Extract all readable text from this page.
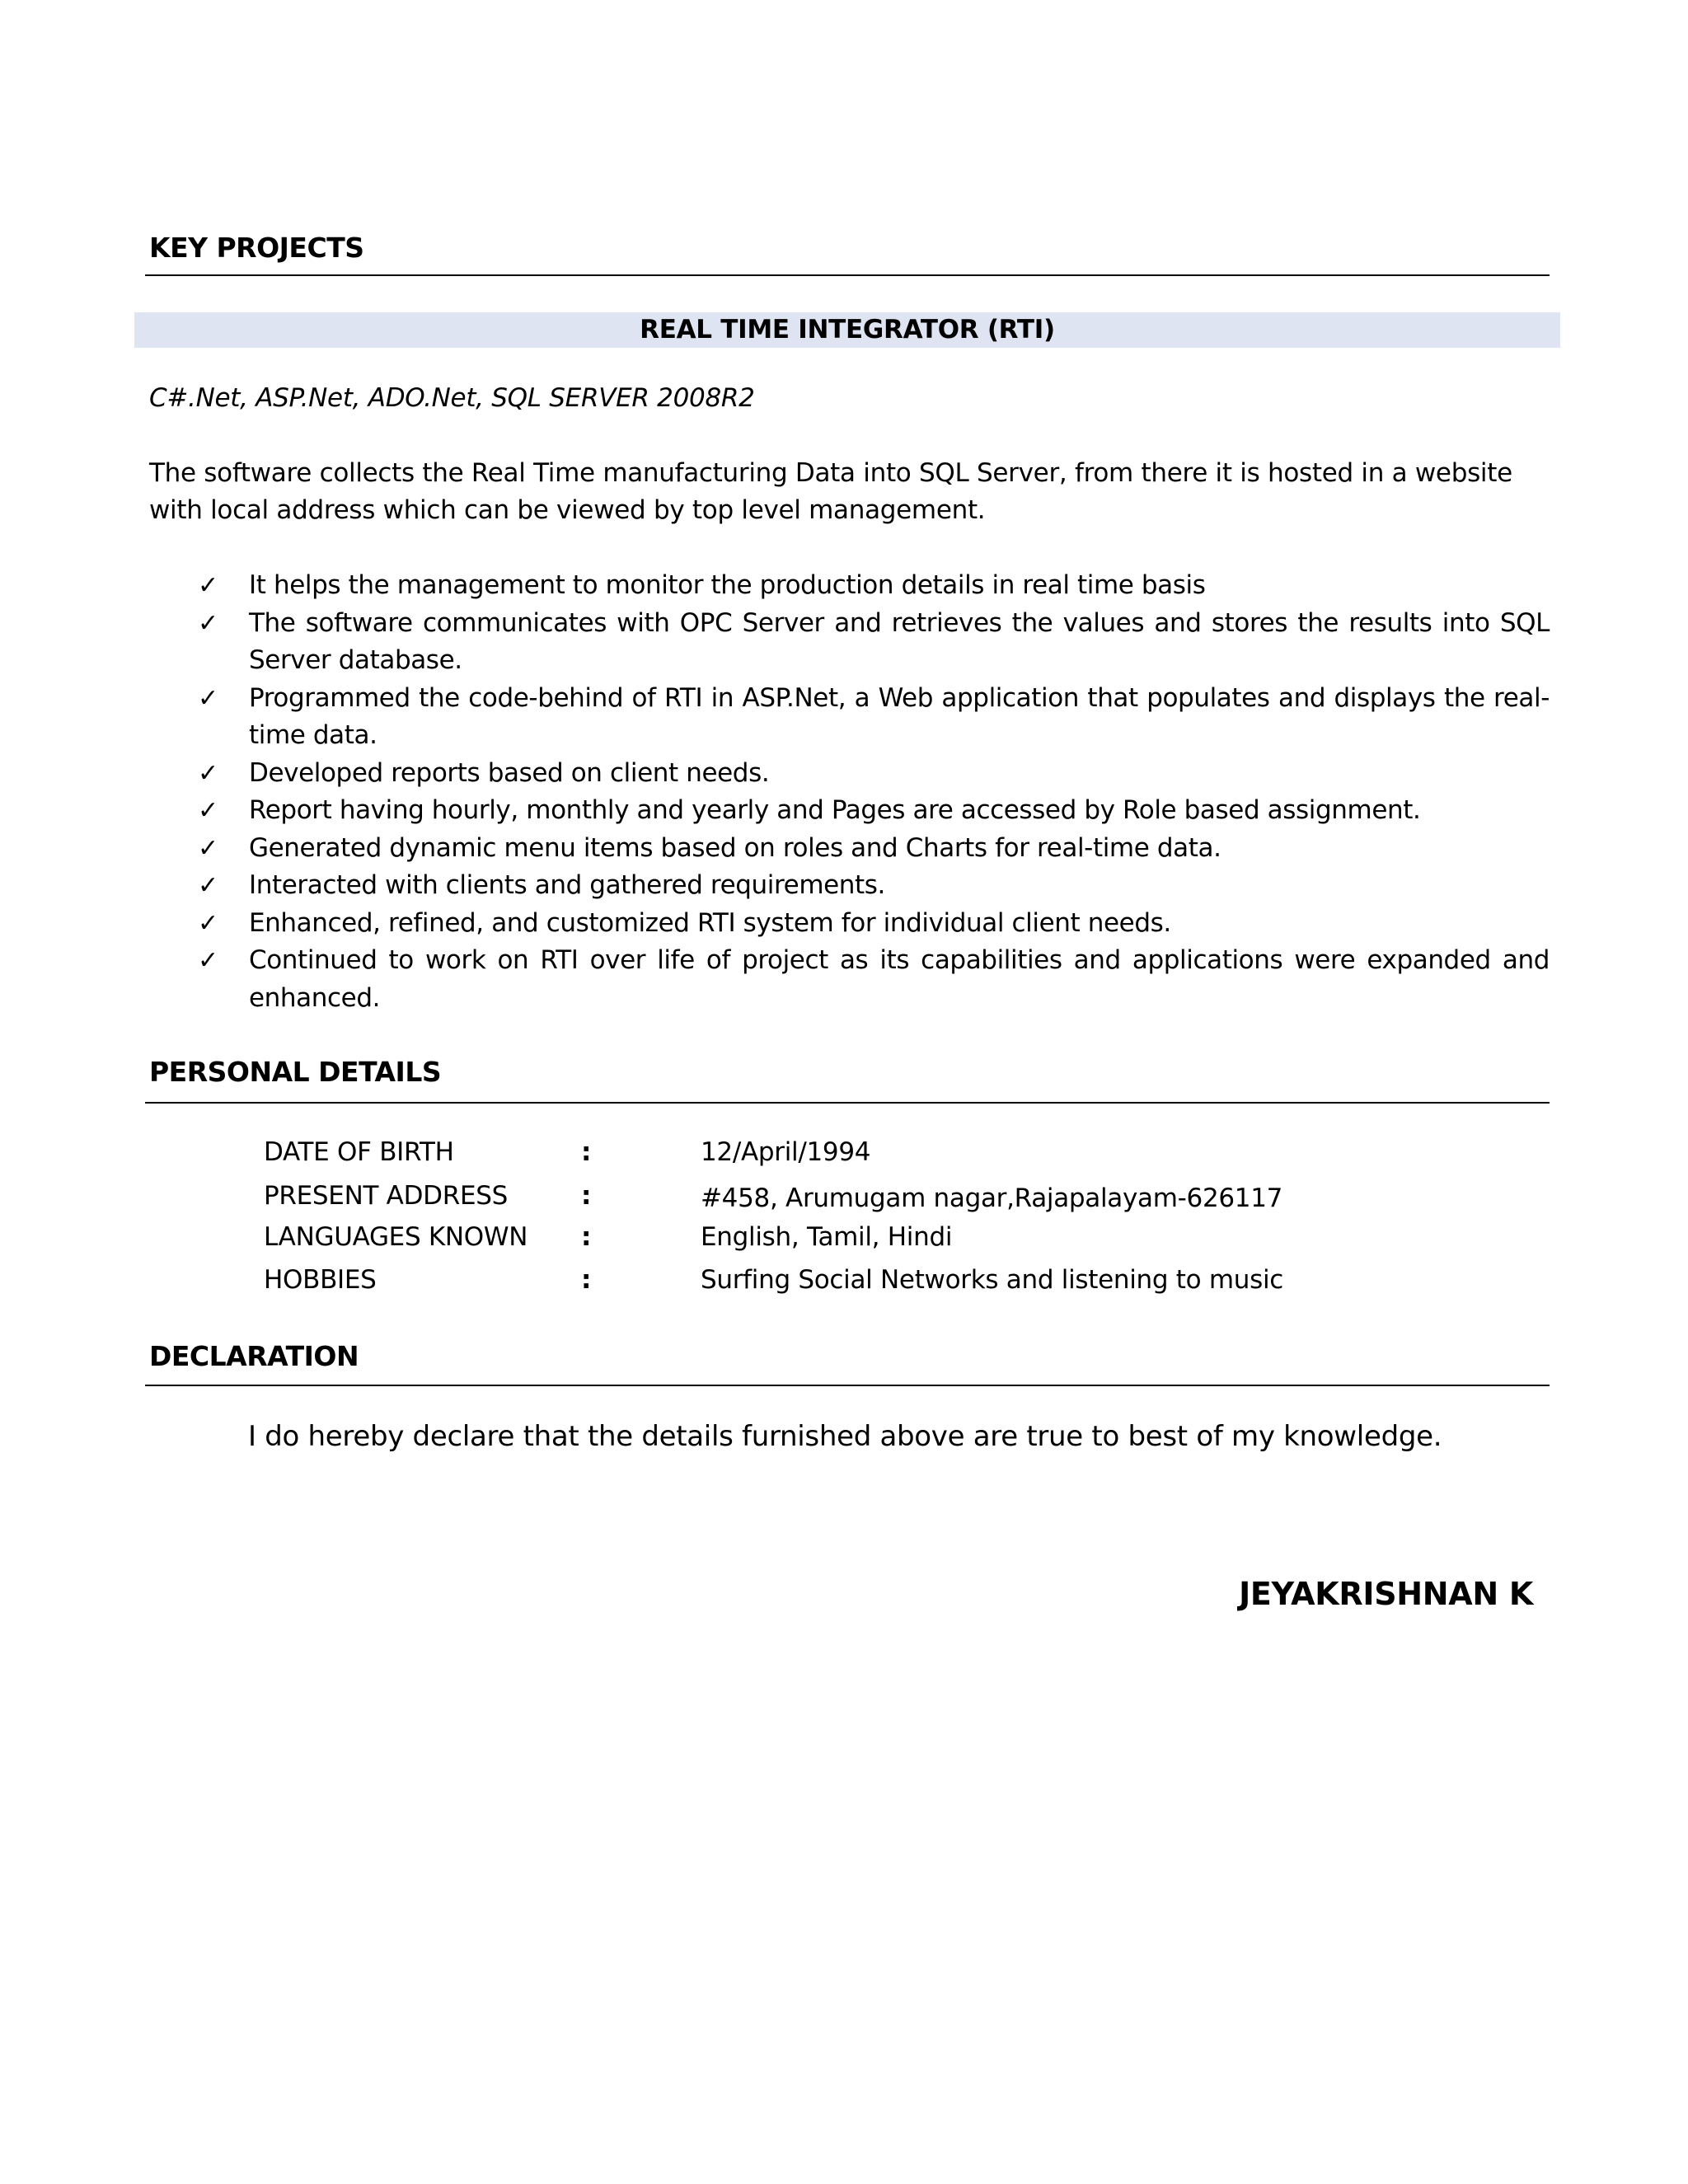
KEY PROJECTS
REAL TIME INTEGRATOR (RTI)
C#.Net, ASP.Net, ADO.Net, SQL SERVER 2008R2
The software collects the Real Time manufacturing Data into SQL Server, from there it is hosted in a website with local address which can be viewed by top level management.
✓ It helps the management to monitor the production details in real time basis
✓ The software communicates with OPC Server and retrieves the values and stores the results into SQL Server database.
✓ Programmed the code-behind of RTI in ASP.Net, a Web application that populates and displays the real-time data.
✓ Developed reports based on client needs.
✓ Report having hourly, monthly and yearly and Pages are accessed by Role based assignment.
✓ Generated dynamic menu items based on roles and Charts for real-time data.
✓ Interacted with clients and gathered requirements.
✓ Enhanced, refined, and customized RTI system for individual client needs.
✓ Continued to work on RTI over life of project as its capabilities and applications were expanded and enhanced.
PERSONAL DETAILS
DATE OF BIRTH	:	12/April/1994
PRESENT ADDRESS	:	#458, Arumugam nagar,Rajapalayam-626117
LANGUAGES KNOWN :	English, Tamil, Hindi
HOBBIES	:	Surfing Social Networks and listening to music
DECLARATION
I do hereby declare that the details furnished above are true to best of my knowledge.
JEYAKRISHNAN K
